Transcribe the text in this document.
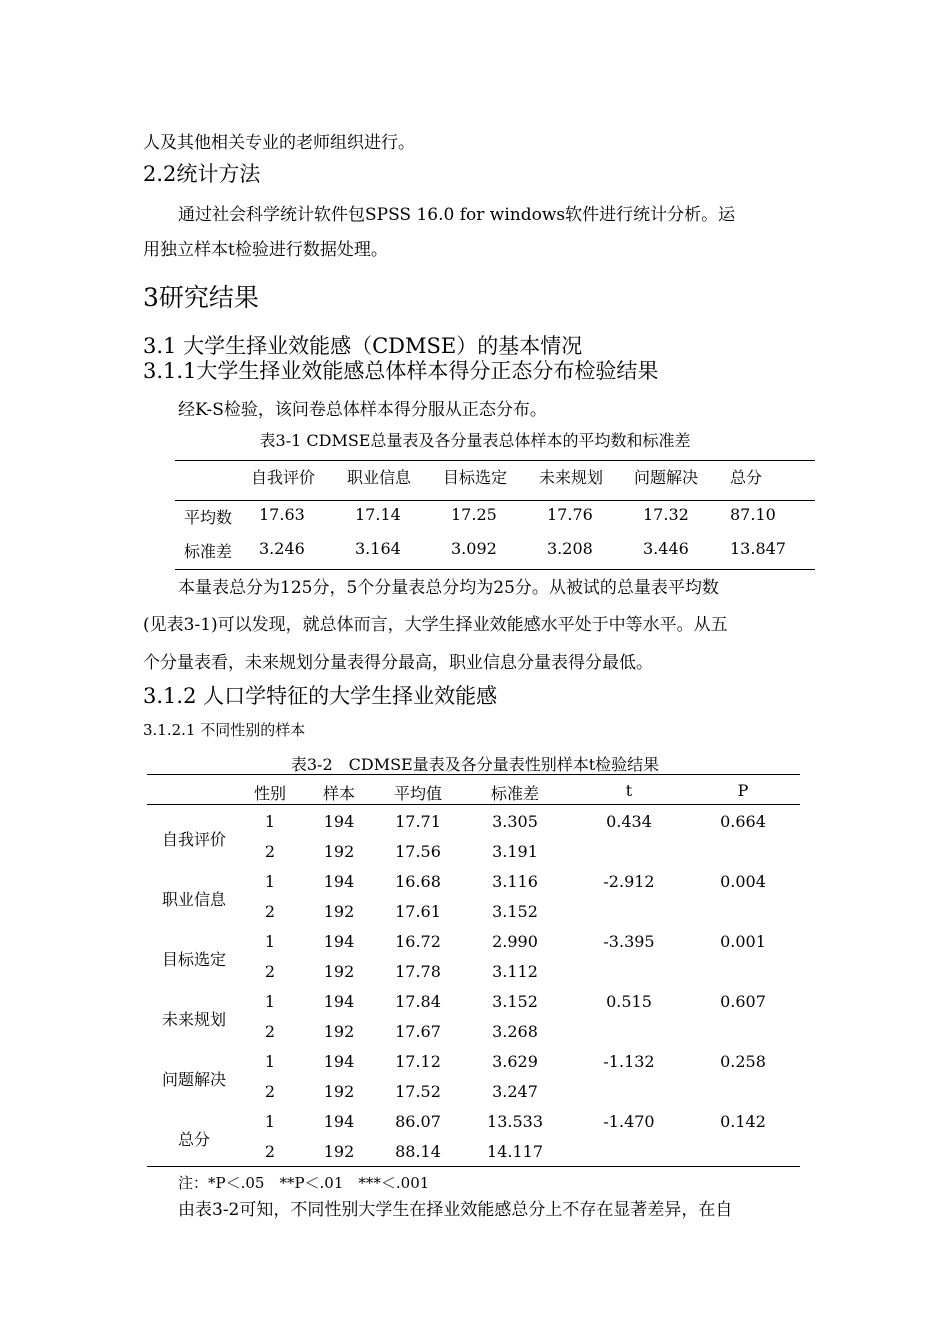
人及其他相关专业的老师组织进行。
2.2统计方法
通过社会科学统计软件包SPSS 16.0 for windows软件进行统计分析。运
用独立样本t检验进行数据处理。
3研究结果
3.1 大学生择业效能感（CDMSE）的基本情况
3.1.1大学生择业效能感总体样本得分正态分布检验结果
经K-S检验，该问卷总体样本得分服从正态分布。
表3-1 CDMSE总量表及各分量表总体样本的平均数和标准差
自我评价 职业信息 目标选定 未来规划 问题解决 总分
平均数 17.63	17.14	17.25	17.76	17.32	87.10
标准差 3.246	3.164	3.092	3.208	3.446	13.847
本量表总分为125分，5个分量表总分均为25分。从被试的总量表平均数
(见表3-1)可以发现，就总体而言，大学生择业效能感水平处于中等水平。从五
个分量表看，未来规划分量表得分最高，职业信息分量表得分最低。
3.1.2 人口学特征的大学生择业效能感
3.1.2.1 不同性别的样本
表3-2　CDMSE量表及各分量表性别样本t检验结果
性别 样本 平均值	标准差	t	P
自我评价
1	194	17.71	3.305
2	192	17.56	3.191
0.434	0.664
职业信息
1	194	16.68	3.116
2	192	17.61	3.152
-2.912	0.004
目标选定
1	194	16.72	2.990
2	192	17.78	3.112
-3.395	0.001
未来规划
1	194	17.84	3.152
2	192	17.67	3.268
0.515	0.607
问题解决
1	194	17.12	3.629
2	192	17.52	3.247
-1.132	0.258
总分
1	194	86.07	13.533
2	192	88.14	14.117
-1.470	0.142
注：*P＜.05　**P＜.01　***＜.001
由表3-2可知，不同性别大学生在择业效能感总分上不存在显著差异，在自
